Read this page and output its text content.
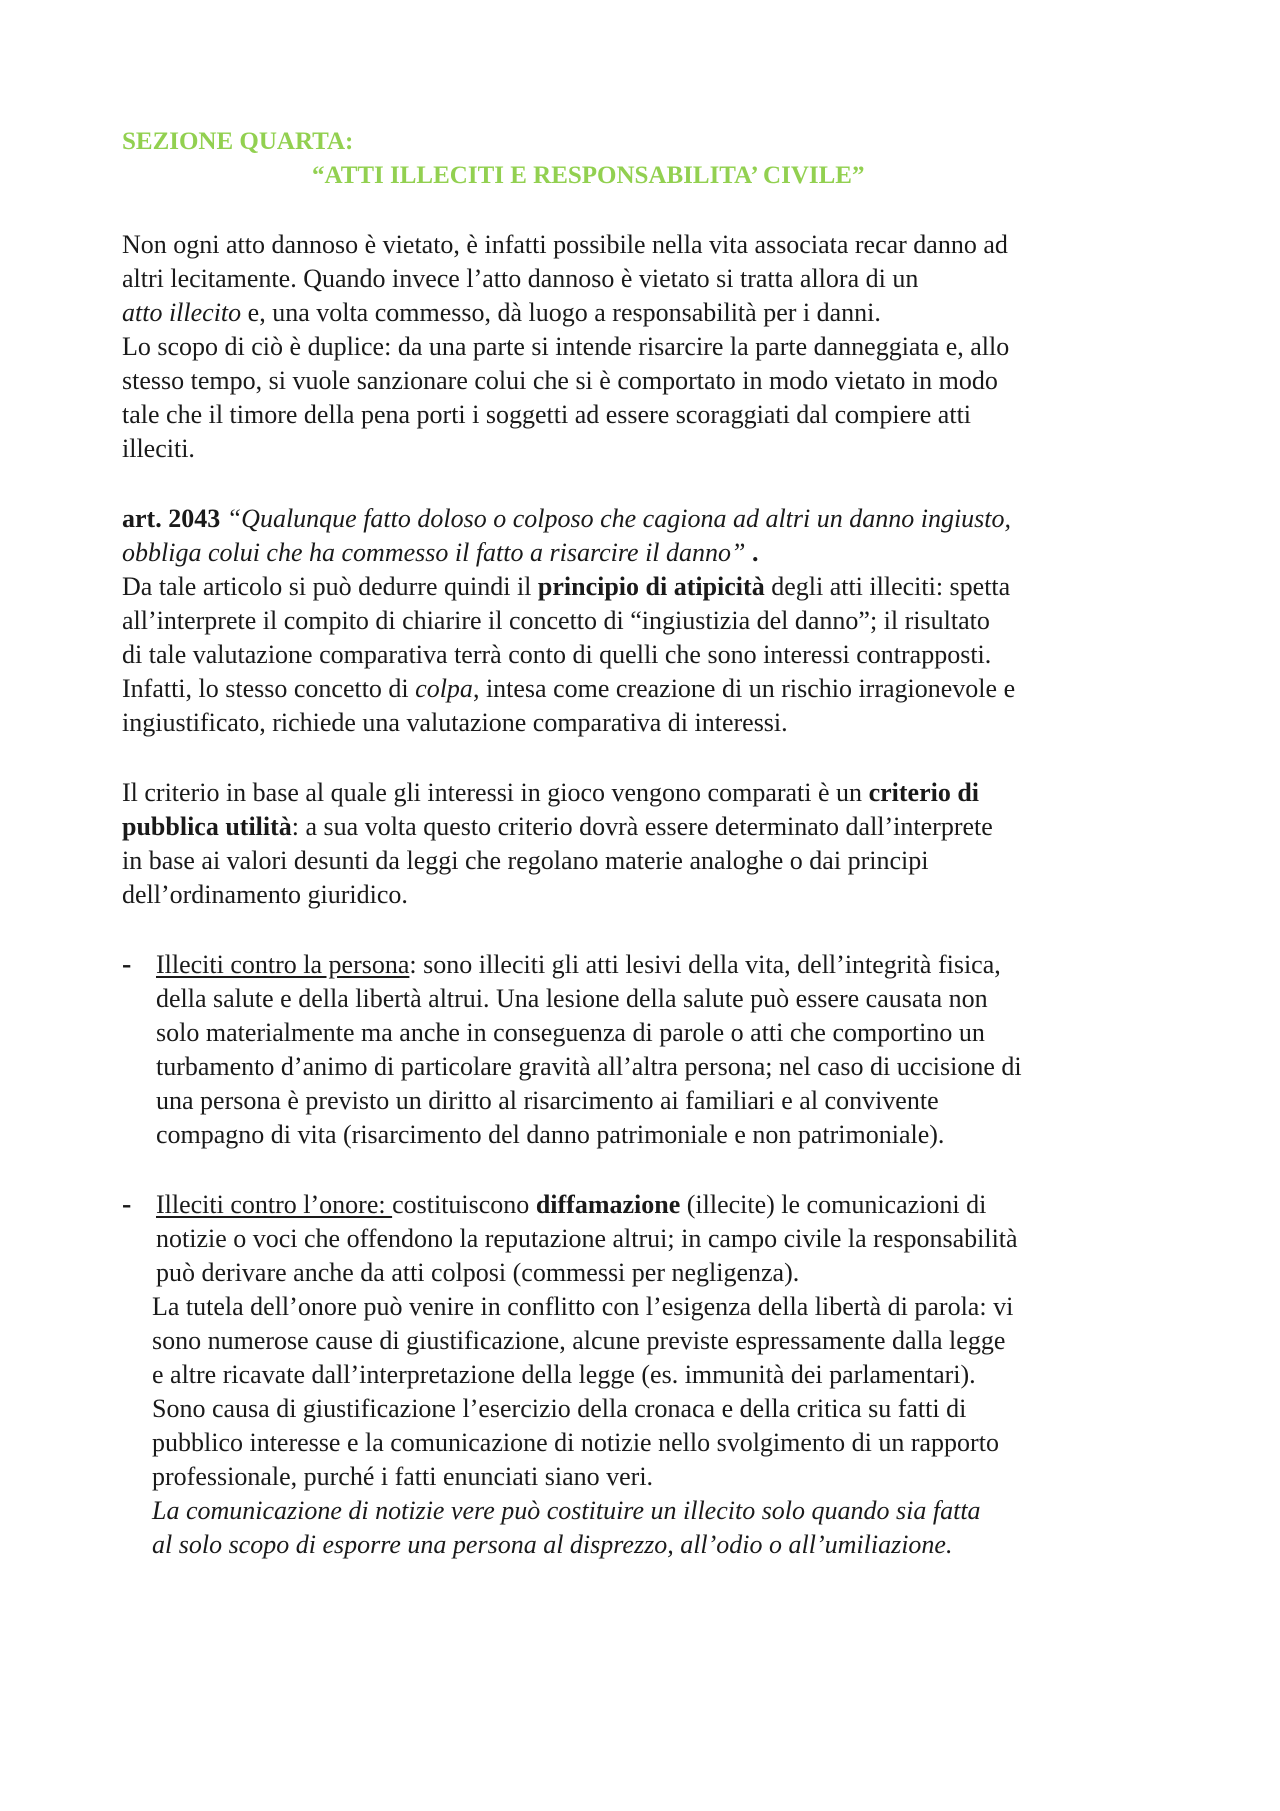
SEZIONE QUARTA:
“ATTI ILLECITI E RESPONSABILITA’ CIVILE”
Non ogni atto dannoso è vietato, è infatti possibile nella vita associata recar danno ad
altri lecitamente. Quando invece l’atto dannoso è vietato si tratta allora di un
atto illecito e, una volta commesso, dà luogo a responsabilità per i danni.
Lo scopo di ciò è duplice: da una parte si intende risarcire la parte danneggiata e, allo
stesso tempo, si vuole sanzionare colui che si è comportato in modo vietato in modo
tale che il timore della pena porti i soggetti ad essere scoraggiati dal compiere atti
illeciti.
art. 2043 “Qualunque fatto doloso o colposo che cagiona ad altri un danno ingiusto,
obbliga colui che ha commesso il fatto a risarcire il danno” .
Da tale articolo si può dedurre quindi il principio di atipicità degli atti illeciti: spetta
all’interprete il compito di chiarire il concetto di “ingiustizia del danno”; il risultato
di tale valutazione comparativa terrà conto di quelli che sono interessi contrapposti.
Infatti, lo stesso concetto di colpa, intesa come creazione di un rischio irragionevole e
ingiustificato, richiede una valutazione comparativa di interessi.
Il criterio in base al quale gli interessi in gioco vengono comparati è un criterio di
pubblica utilità: a sua volta questo criterio dovrà essere determinato dall’interprete
in base ai valori desunti da leggi che regolano materie analoghe o dai principi
dell’ordinamento giuridico.
- Illeciti contro la persona: sono illeciti gli atti lesivi della vita, dell’integrità fisica,
della salute e della libertà altrui. Una lesione della salute può essere causata non
solo materialmente ma anche in conseguenza di parole o atti che comportino un
turbamento d’animo di particolare gravità all’altra persona; nel caso di uccisione di
una persona è previsto un diritto al risarcimento ai familiari e al convivente
compagno di vita (risarcimento del danno patrimoniale e non patrimoniale).
- Illeciti contro l’onore: costituiscono diffamazione (illecite) le comunicazioni di
notizie o voci che offendono la reputazione altrui; in campo civile la responsabilità
può derivare anche da atti colposi (commessi per negligenza).
La tutela dell’onore può venire in conflitto con l’esigenza della libertà di parola: vi
sono numerose cause di giustificazione, alcune previste espressamente dalla legge
e altre ricavate dall’interpretazione della legge (es. immunità dei parlamentari).
Sono causa di giustificazione l’esercizio della cronaca e della critica su fatti di
pubblico interesse e la comunicazione di notizie nello svolgimento di un rapporto
professionale, purché i fatti enunciati siano veri.
La comunicazione di notizie vere può costituire un illecito solo quando sia fatta
al solo scopo di esporre una persona al disprezzo, all’odio o all’umiliazione.
